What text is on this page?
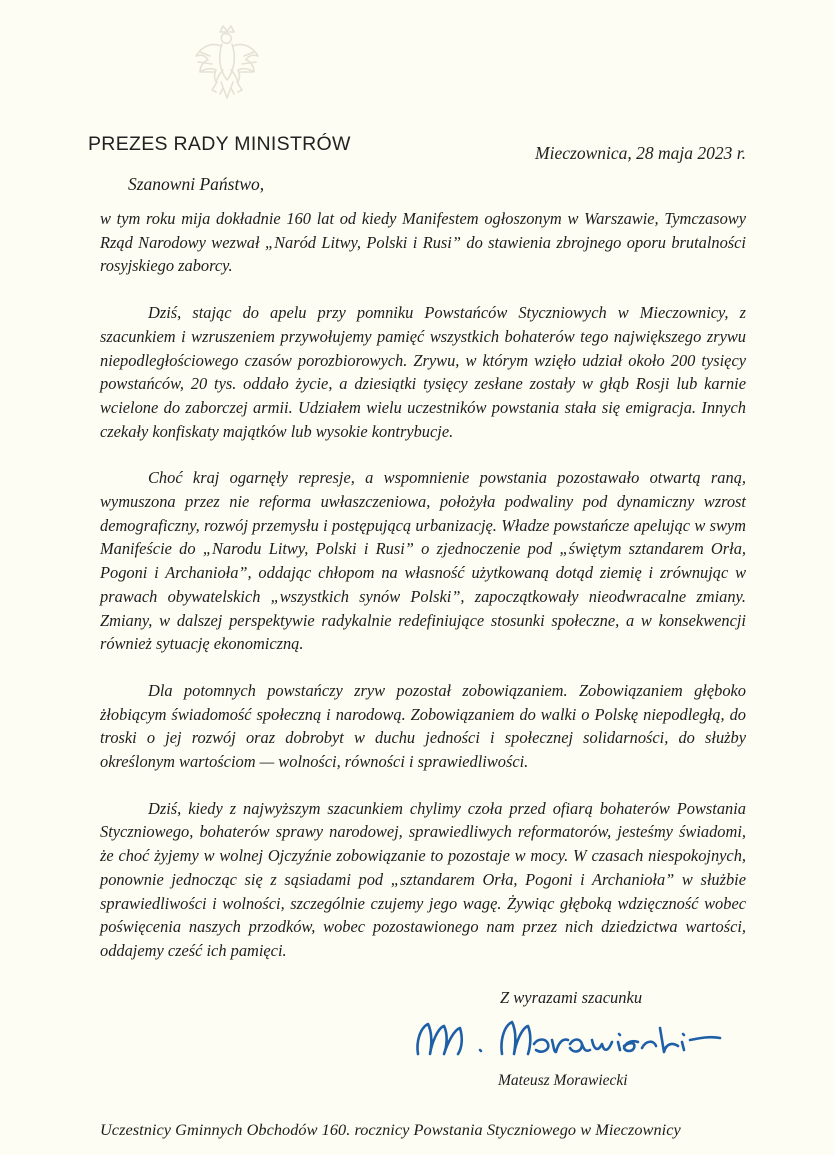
PREZES RADY MINISTRÓW	Mieczownica, 28 maja 2023 r.
Szanowni Państwo,

w tym roku mija dokładnie 160 lat od kiedy Manifestem ogłoszonym w Warszawie, Tymczasowy Rząd Narodowy wezwał „Naród Litwy, Polski i Rusi” do stawienia zbrojnego oporu brutalności rosyjskiego zaborcy.

Dziś, stając do apelu przy pomniku Powstańców Styczniowych w Mieczownicy, z szacunkiem i wzruszeniem przywołujemy pamięć wszystkich bohaterów tego największego zrywu niepodległościowego czasów porozbiorowych. Zrywu, w którym wzięło udział około 200 tysięcy powstańców, 20 tys. oddało życie, a dziesiątki tysięcy zesłane zostały w głąb Rosji lub karnie wcielone do zaborczej armii. Udziałem wielu uczestników powstania stała się emigracja. Innych czekały konfiskaty majątków lub wysokie kontrybucje.

Choć kraj ogarnęły represje, a wspomnienie powstania pozostawało otwartą raną, wymuszona przez nie reforma uwłaszczeniowa, położyła podwaliny pod dynamiczny wzrost demograficzny, rozwój przemysłu i postępującą urbanizację. Władze powstańcze apelując w swym Manifeście do „Narodu Litwy, Polski i Rusi” o zjednoczenie pod „świętym sztandarem Orła, Pogoni i Archanioła”, oddając chłopom na własność użytkowaną dotąd ziemię i zrównując w prawach obywatelskich „wszystkich synów Polski”, zapoczątkowały nieodwracalne zmiany. Zmiany, w dalszej perspektywie radykalnie redefiniujące stosunki społeczne, a w konsekwencji również sytuację ekonomiczną.

Dla potomnych powstańczy zryw pozostał zobowiązaniem. Zobowiązaniem głęboko żłobiącym świadomość społeczną i narodową. Zobowiązaniem do walki o Polskę niepodległą, do troski o jej rozwój oraz dobrobyt w duchu jedności i społecznej solidarności, do służby określonym wartościom — wolności, równości i sprawiedliwości.

Dziś, kiedy z najwyższym szacunkiem chylimy czoła przed ofiarą bohaterów Powstania Styczniowego, bohaterów sprawy narodowej, sprawiedliwych reformatorów, jesteśmy świadomi, że choć żyjemy w wolnej Ojczyźnie zobowiązanie to pozostaje w mocy. W czasach niespokojnych, ponownie jednocząc się z sąsiadami pod „sztandarem Orła, Pogoni i Archanioła” w służbie sprawiedliwości i wolności, szczególnie czujemy jego wagę. Żywiąc głęboką wdzięczność wobec poświęcenia naszych przodków, wobec pozostawionego nam przez nich dziedzictwa wartości, oddajemy cześć ich pamięci.

Z wyrazami szacunku
Mateusz Morawiecki
Uczestnicy Gminnych Obchodów 160. rocznicy Powstania Styczniowego w Mieczownicy
